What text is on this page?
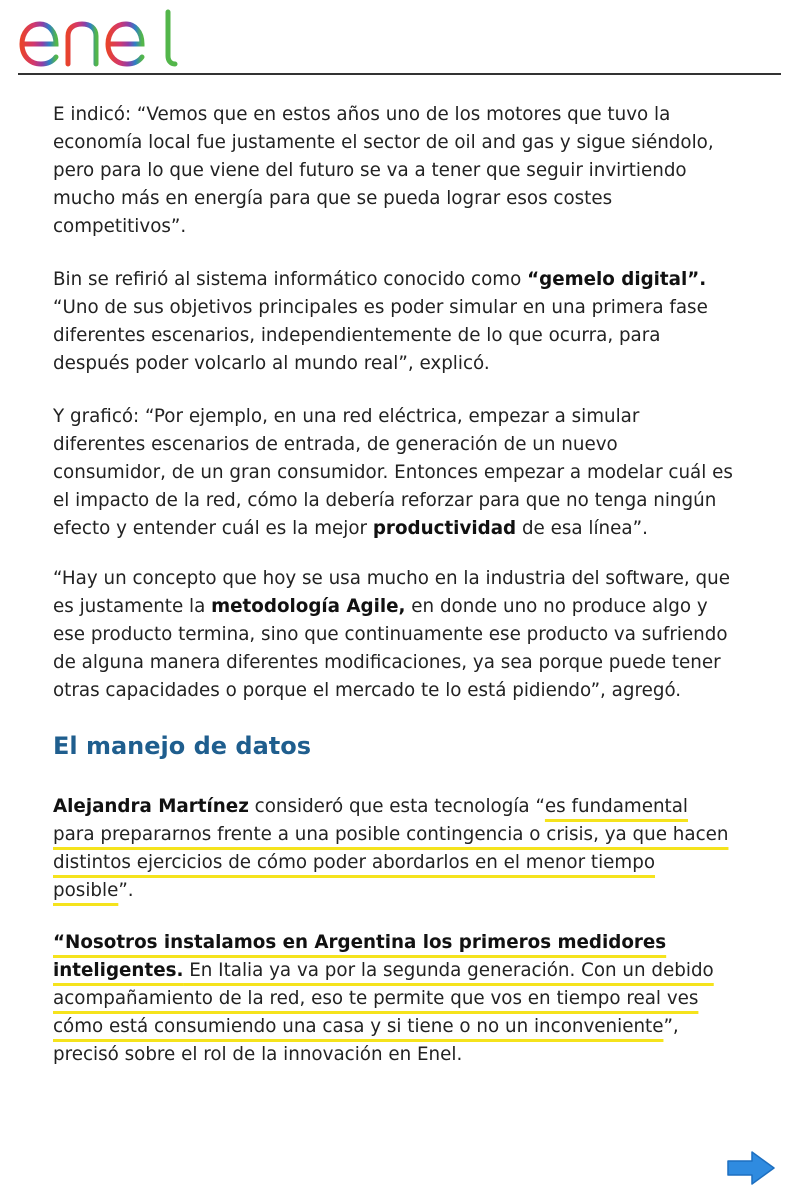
E indicó: “Vemos que en estos años uno de los motores que tuvo la economía local fue justamente el sector de oil and gas y sigue siéndolo, pero para lo que viene del futuro se va a tener que seguir invirtiendo mucho más en energía para que se pueda lograr esos costes competitivos”.

Bin se refirió al sistema informático conocido como “gemelo digital”. “Uno de sus objetivos principales es poder simular en una primera fase diferentes escenarios, independientemente de lo que ocurra, para después poder volcarlo al mundo real”, explicó.

Y graficó: “Por ejemplo, en una red eléctrica, empezar a simular diferentes escenarios de entrada, de generación de un nuevo consumidor, de un gran consumidor. Entonces empezar a modelar cuál es el impacto de la red, cómo la debería reforzar para que no tenga ningún efecto y entender cuál es la mejor productividad de esa línea”.

“Hay un concepto que hoy se usa mucho en la industria del software, que es justamente la metodología Agile, en donde uno no produce algo y ese producto termina, sino que continuamente ese producto va sufriendo de alguna manera diferentes modificaciones, ya sea porque puede tener otras capacidades o porque el mercado te lo está pidiendo”, agregó.

El manejo de datos

Alejandra Martínez consideró que esta tecnología “es fundamental para prepararnos frente a una posible contingencia o crisis, ya que hacen distintos ejercicios de cómo poder abordarlos en el menor tiempo posible”.

“Nosotros instalamos en Argentina los primeros medidores inteligentes. En Italia ya va por la segunda generación. Con un debido acompañamiento de la red, eso te permite que vos en tiempo real ves cómo está consumiendo una casa y si tiene o no un inconveniente”, precisó sobre el rol de la innovación en Enel.
